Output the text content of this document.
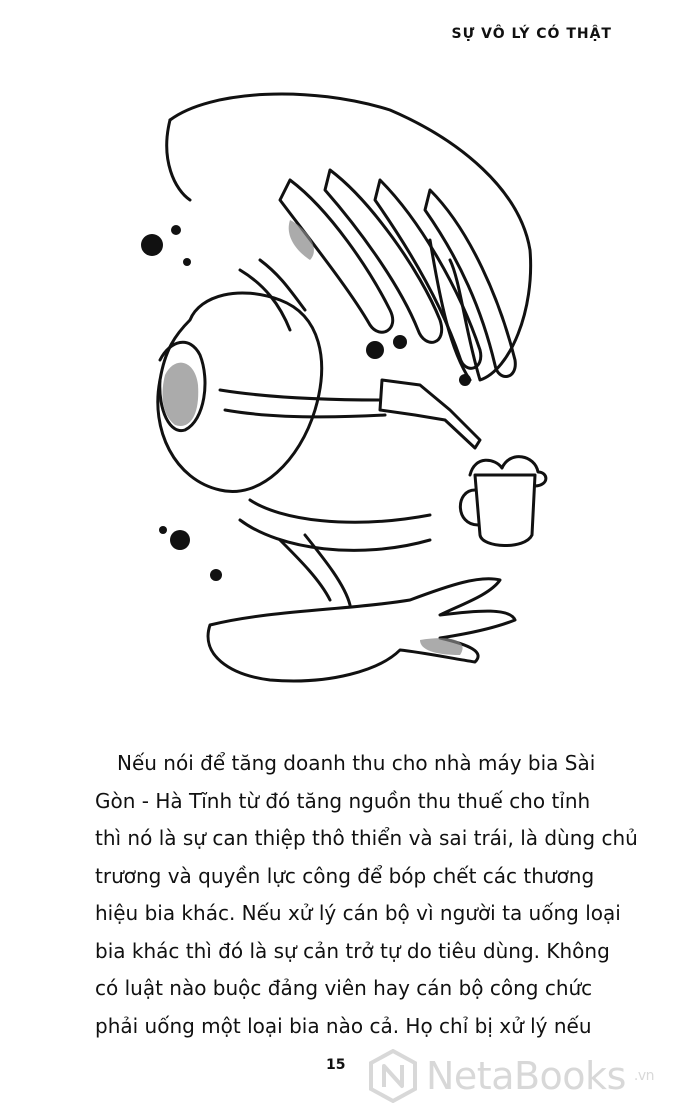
SỰ VÔ LÝ CÓ THẬT
Nếu nói để tăng doanh thu cho nhà máy bia Sài
Gòn - Hà Tĩnh từ đó tăng nguồn thu thuế cho tỉnh
thì nó là sự can thiệp thô thiển và sai trái, là dùng chủ
trương và quyền lực công để bóp chết các thương
hiệu bia khác. Nếu xử lý cán bộ vì người ta uống loại
bia khác thì đó là sự cản trở tự do tiêu dùng. Không
có luật nào buộc đảng viên hay cán bộ công chức
phải uống một loại bia nào cả. Họ chỉ bị xử lý nếu
15 NetaBooks .vn
